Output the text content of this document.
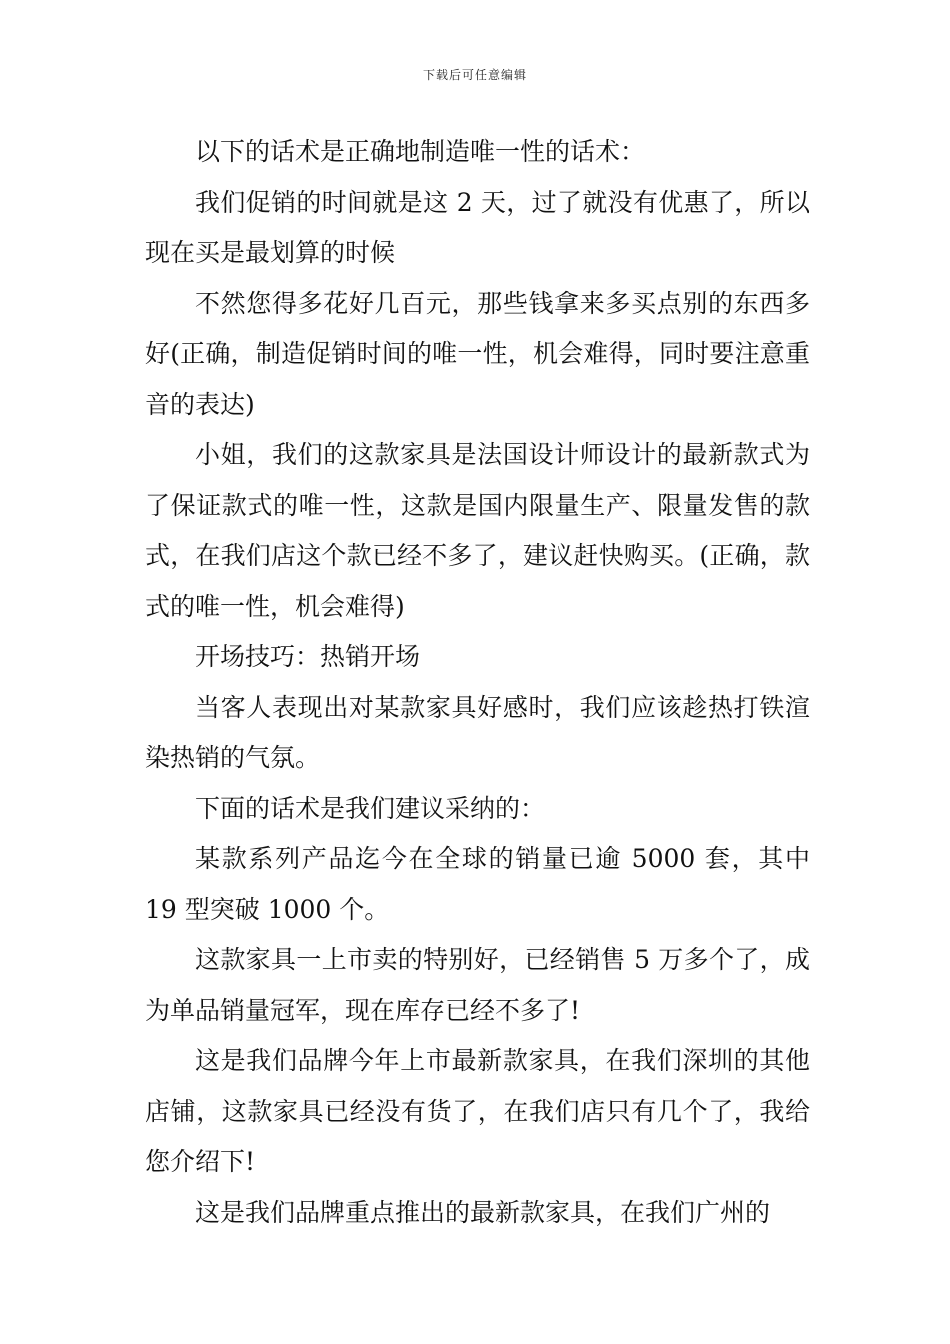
下载后可任意编辑

以下的话术是正确地制造唯一性的话术：

我们促销的时间就是这 2 天，过了就没有优惠了，所以现在买是最划算的时候

不然您得多花好几百元，那些钱拿来多买点别的东西多好(正确，制造促销时间的唯一性，机会难得，同时要注意重音的表达)

小姐，我们的这款家具是法国设计师设计的最新款式为了保证款式的唯一性，这款是国内限量生产、限量发售的款式，在我们店这个款已经不多了，建议赶快购买。(正确，款式的唯一性，机会难得)

开场技巧：热销开场

当客人表现出对某款家具好感时，我们应该趁热打铁渲染热销的气氛。

下面的话术是我们建议采纳的：

某款系列产品迄今在全球的销量已逾 5000 套，其中 19 型突破 1000 个。

这款家具一上市卖的特别好，已经销售 5 万多个了，成为单品销量冠军，现在库存已经不多了!

这是我们品牌今年上市最新款家具，在我们深圳的其他店铺，这款家具已经没有货了，在我们店只有几个了，我给您介绍下!

这是我们品牌重点推出的最新款家具，在我们广州的
